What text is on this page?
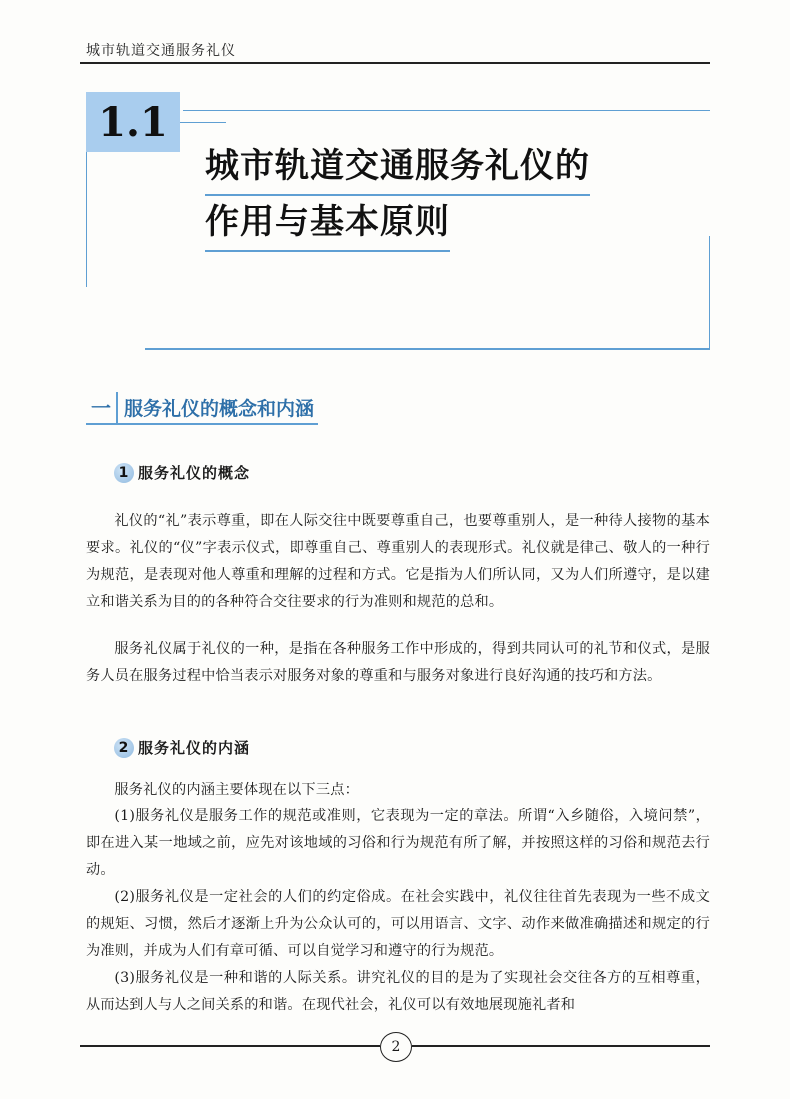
城市轨道交通服务礼仪
1.1
城市轨道交通服务礼仪的
作用与基本原则
一 服务礼仪的概念和内涵
1 服务礼仪的概念

礼仪的“礼”表示尊重，即在人际交往中既要尊重自己，也要尊重别人，是一种待人接物的基本要求。礼仪的“仪”字表示仪式，即尊重自己、尊重别人的表现形式。礼仪就是律己、敬人的一种行为规范，是表现对他人尊重和理解的过程和方式。它是指为人们所认同，又为人们所遵守，是以建立和谐关系为目的的各种符合交往要求的行为准则和规范的总和。

服务礼仪属于礼仪的一种，是指在各种服务工作中形成的，得到共同认可的礼节和仪式，是服务人员在服务过程中恰当表示对服务对象的尊重和与服务对象进行良好沟通的技巧和方法。

2 服务礼仪的内涵

服务礼仪的内涵主要体现在以下三点：

(1)服务礼仪是服务工作的规范或准则，它表现为一定的章法。所谓“入乡随俗，入境问禁”，即在进入某一地域之前，应先对该地域的习俗和行为规范有所了解，并按照这样的习俗和规范去行动。

(2)服务礼仪是一定社会的人们的约定俗成。在社会实践中，礼仪往往首先表现为一些不成文的规矩、习惯，然后才逐渐上升为公众认可的，可以用语言、文字、动作来做准确描述和规定的行为准则，并成为人们有章可循、可以自觉学习和遵守的行为规范。

(3)服务礼仪是一种和谐的人际关系。讲究礼仪的目的是为了实现社会交往各方的互相尊重，从而达到人与人之间关系的和谐。在现代社会，礼仪可以有效地展现施礼者和

2
